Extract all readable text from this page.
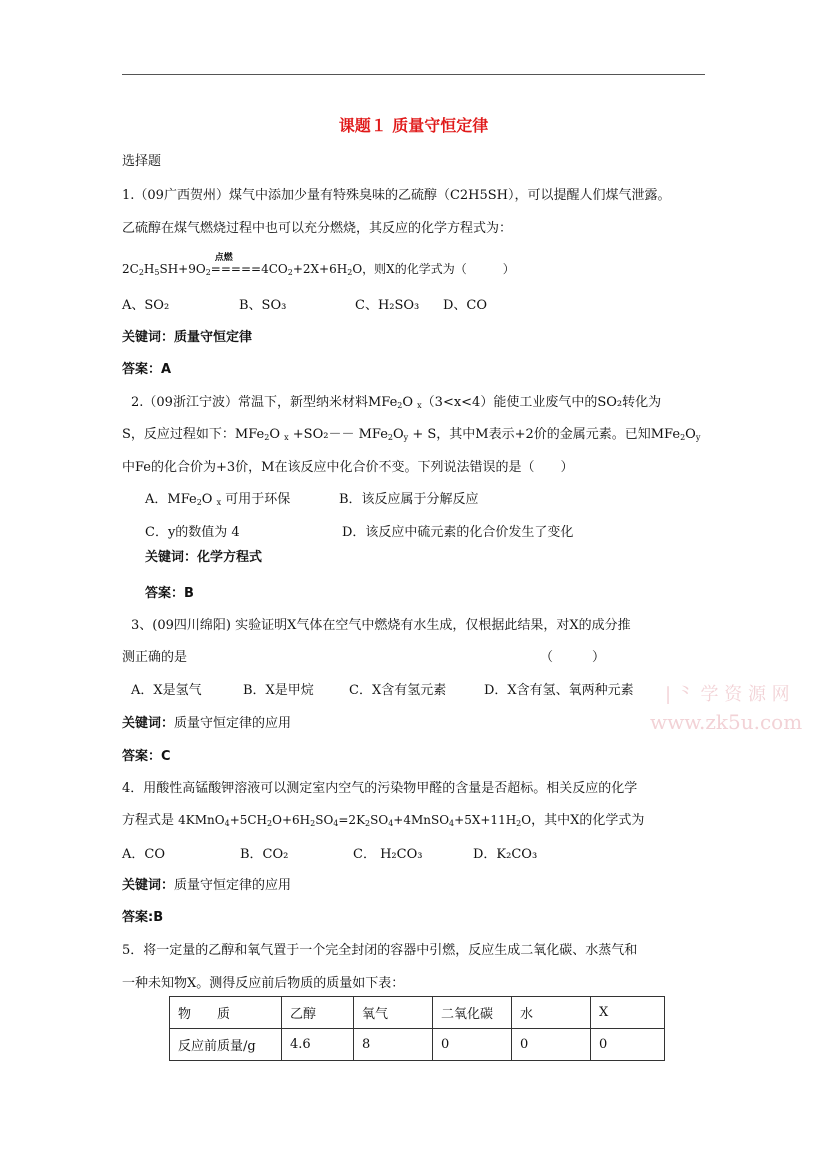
课题１ 质量守恒定律
选择题
1.（09广西贺州）煤气中添加少量有特殊臭味的乙硫醇（C2H5SH），可以提醒人们煤气泄露。
乙硫醇在煤气燃烧过程中也可以充分燃烧，其反应的化学方程式为：
$2C_2H_5SH+9O_2$
点燃
$=====4CO_2+2X+6H_2O$，则X的化学式为（　　　）
A、SO₂	B、SO₃	C、H₂SO₃ D、CO
关键词：质量守恒定律
答案：A
2.（09浙江宁波）常温下，新型纳米材料MFe$_2$O $_x$（3<x<4）能使工业废气中的SO₂转化为
S，反应过程如下：MFe$_2$O $_x +SO_2-- MFe_2O_y + S$，其中M表示+2价的金属元素。已知$MFe_2O_y$
中Fe的化合价为+3价，M在该反应中化合价不变。下列说法错误的是（　　）
A．MFe$_2$O $_x$ 可用于环保	B．该反应属于分解反应
C．y的数值为 4	D．该反应中硫元素的化合价发生了变化
关键词：化学方程式
答案：B
3、(09四川绵阳) 实验证明X气体在空气中燃烧有水生成，仅根据此结果，对X的成分推
测正确的是	（　　　）
A．X是氢气	B．X是甲烷	C．X含有氢元素	D．X含有氢、氧两种元素
关键词：质量守恒定律的应用
答案：C
4．用酸性高锰酸钾溶液可以测定室内空气的污染物甲醛的含量是否超标。相关反应的化学
方程式是 $4KMnO_4+5CH_2O+6H_2SO_4=2K_2SO_4+4MnSO_4+5X+11H_2O$，其中X的化学式为
A．CO	B．CO₂	C． H₂CO₃	D．K₂CO₃
关键词：质量守恒定律的应用
答案:B
5．将一定量的乙醇和氧气置于一个完全封闭的容器中引燃，反应生成二氧化碳、水蒸气和
一种未知物X。测得反应前后物质的质量如下表：
物　　质	乙醇	氧气	二氧化碳	水	X
反应前质量/g	4.6	8	0	0	0
| ⺀ 学 资 源 网
www.zk5u.com
